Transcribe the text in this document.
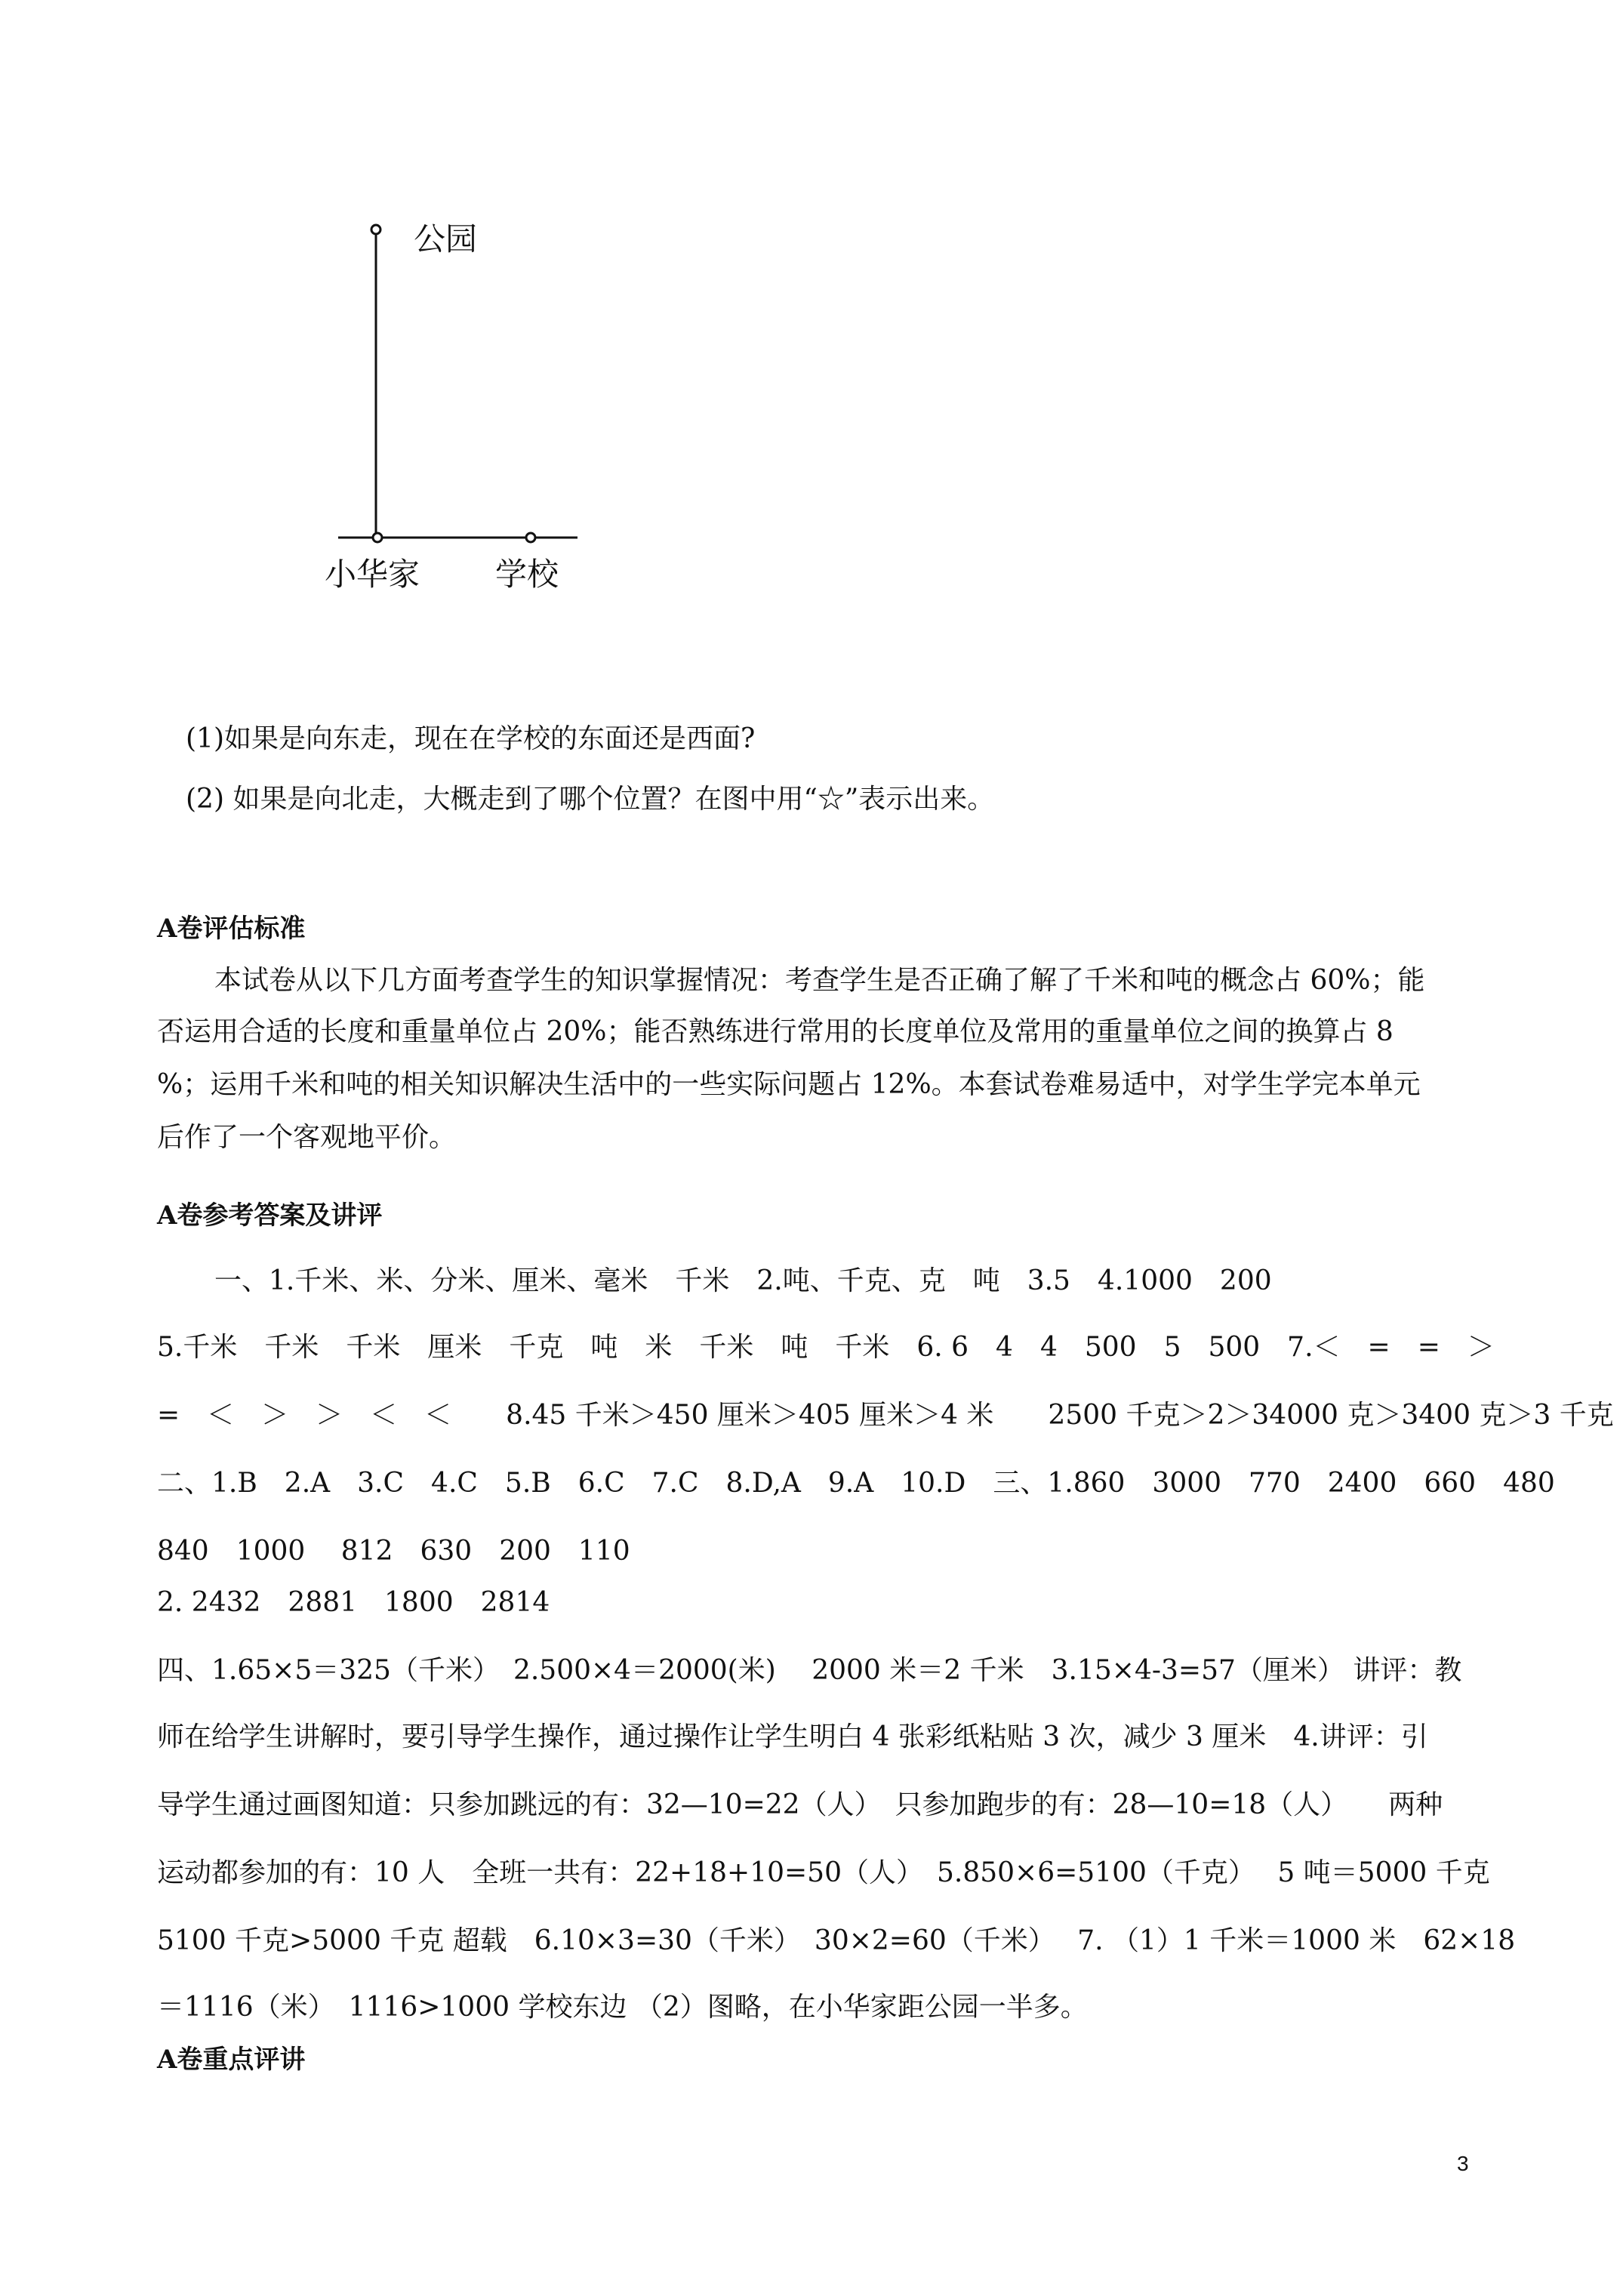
公园
小华家 学校
(1)如果是向东走，现在在学校的东面还是西面?
(2) 如果是向北走，大概走到了哪个位置？在图中用“☆”表示出来。
A卷评估标准
本试卷从以下几方面考查学生的知识掌握情况：考查学生是否正确了解了千米和吨的概念占 60%；能
否运用合适的长度和重量单位占 20%；能否熟练进行常用的长度单位及常用的重量单位之间的换算占 8
%；运用千米和吨的相关知识解决生活中的一些实际问题占 12%。本套试卷难易适中，对学生学完本单元
后作了一个客观地平价。
A卷参考答案及讲评
一、1.千米、米、分米、厘米、毫米　千米　2.吨、千克、克　吨　3.5　4.1000　200
5.千米　千米　千米　厘米　千克　吨　米　千米　吨　千米　6. 6　4　4　500　5　500　7.＜　=　=　＞
=　＜　＞　＞　＜　＜　　8.45 千米＞450 厘米＞405 厘米＞4 米　　2500 千克＞2＞34000 克＞3400 克＞3 千克
二、1.B　2.A　3.C　4.C　5.B　6.C　7.C　8.D,A　9.A　10.D　三、1.860　3000　770　2400　660　480
840　1000　 812　630　200　110
2. 2432　2881　1800　2814
四、1.65×5＝325（千米）　2.500×4＝2000(米)　 2000 米＝2 千米　3.15×4-3=57（厘米） 讲评：教
师在给学生讲解时，要引导学生操作，通过操作让学生明白 4 张彩纸粘贴 3 次，减少 3 厘米　4.讲评：引
导学生通过画图知道：只参加跳远的有：32—10=22（人）　只参加跑步的有：28—10=18（人）　　两种
运动都参加的有：10 人　全班一共有：22+18+10=50（人）　5.850×6=5100（千克）　 5 吨＝5000 千克
5100 千克>5000 千克 超载　6.10×3=30（千米）　30×2=60（千米）　 7. （1）1 千米＝1000 米　62×18
＝1116（米）　1116>1000 学校东边 （2）图略，在小华家距公园一半多。
A卷重点评讲
3
